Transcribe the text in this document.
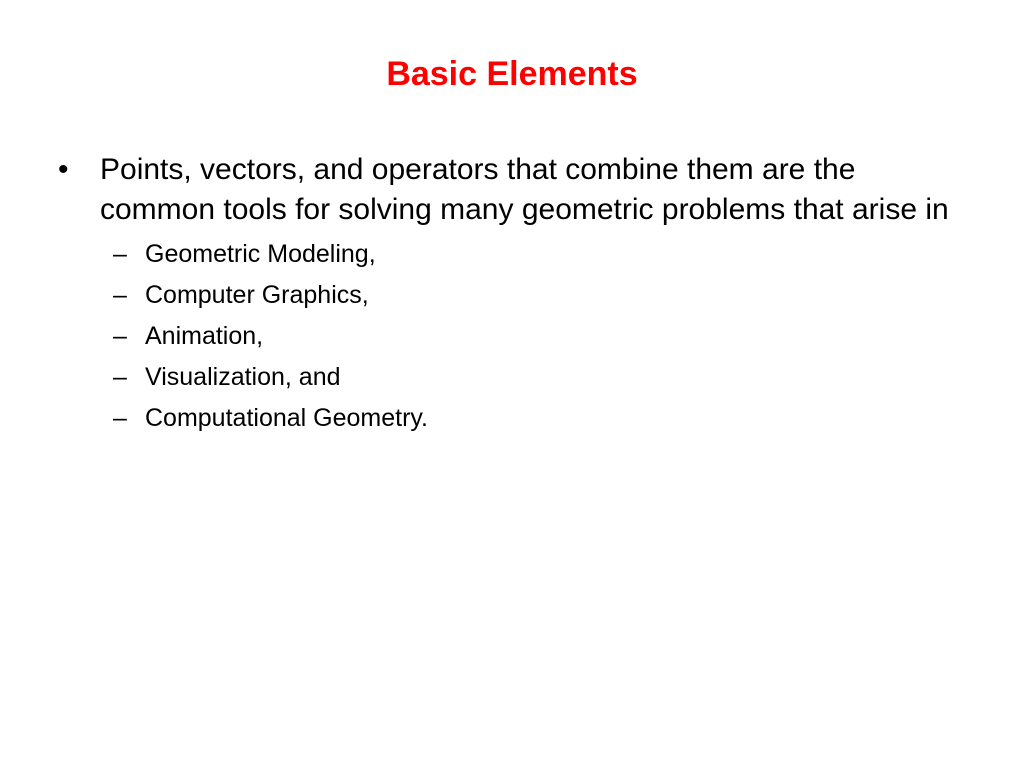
Basic Elements
•	Points, vectors, and operators that combine them are the common tools for solving many geometric problems that arise in
– Geometric Modeling,
– Computer Graphics,
– Animation,
– Visualization, and
– Computational Geometry.
